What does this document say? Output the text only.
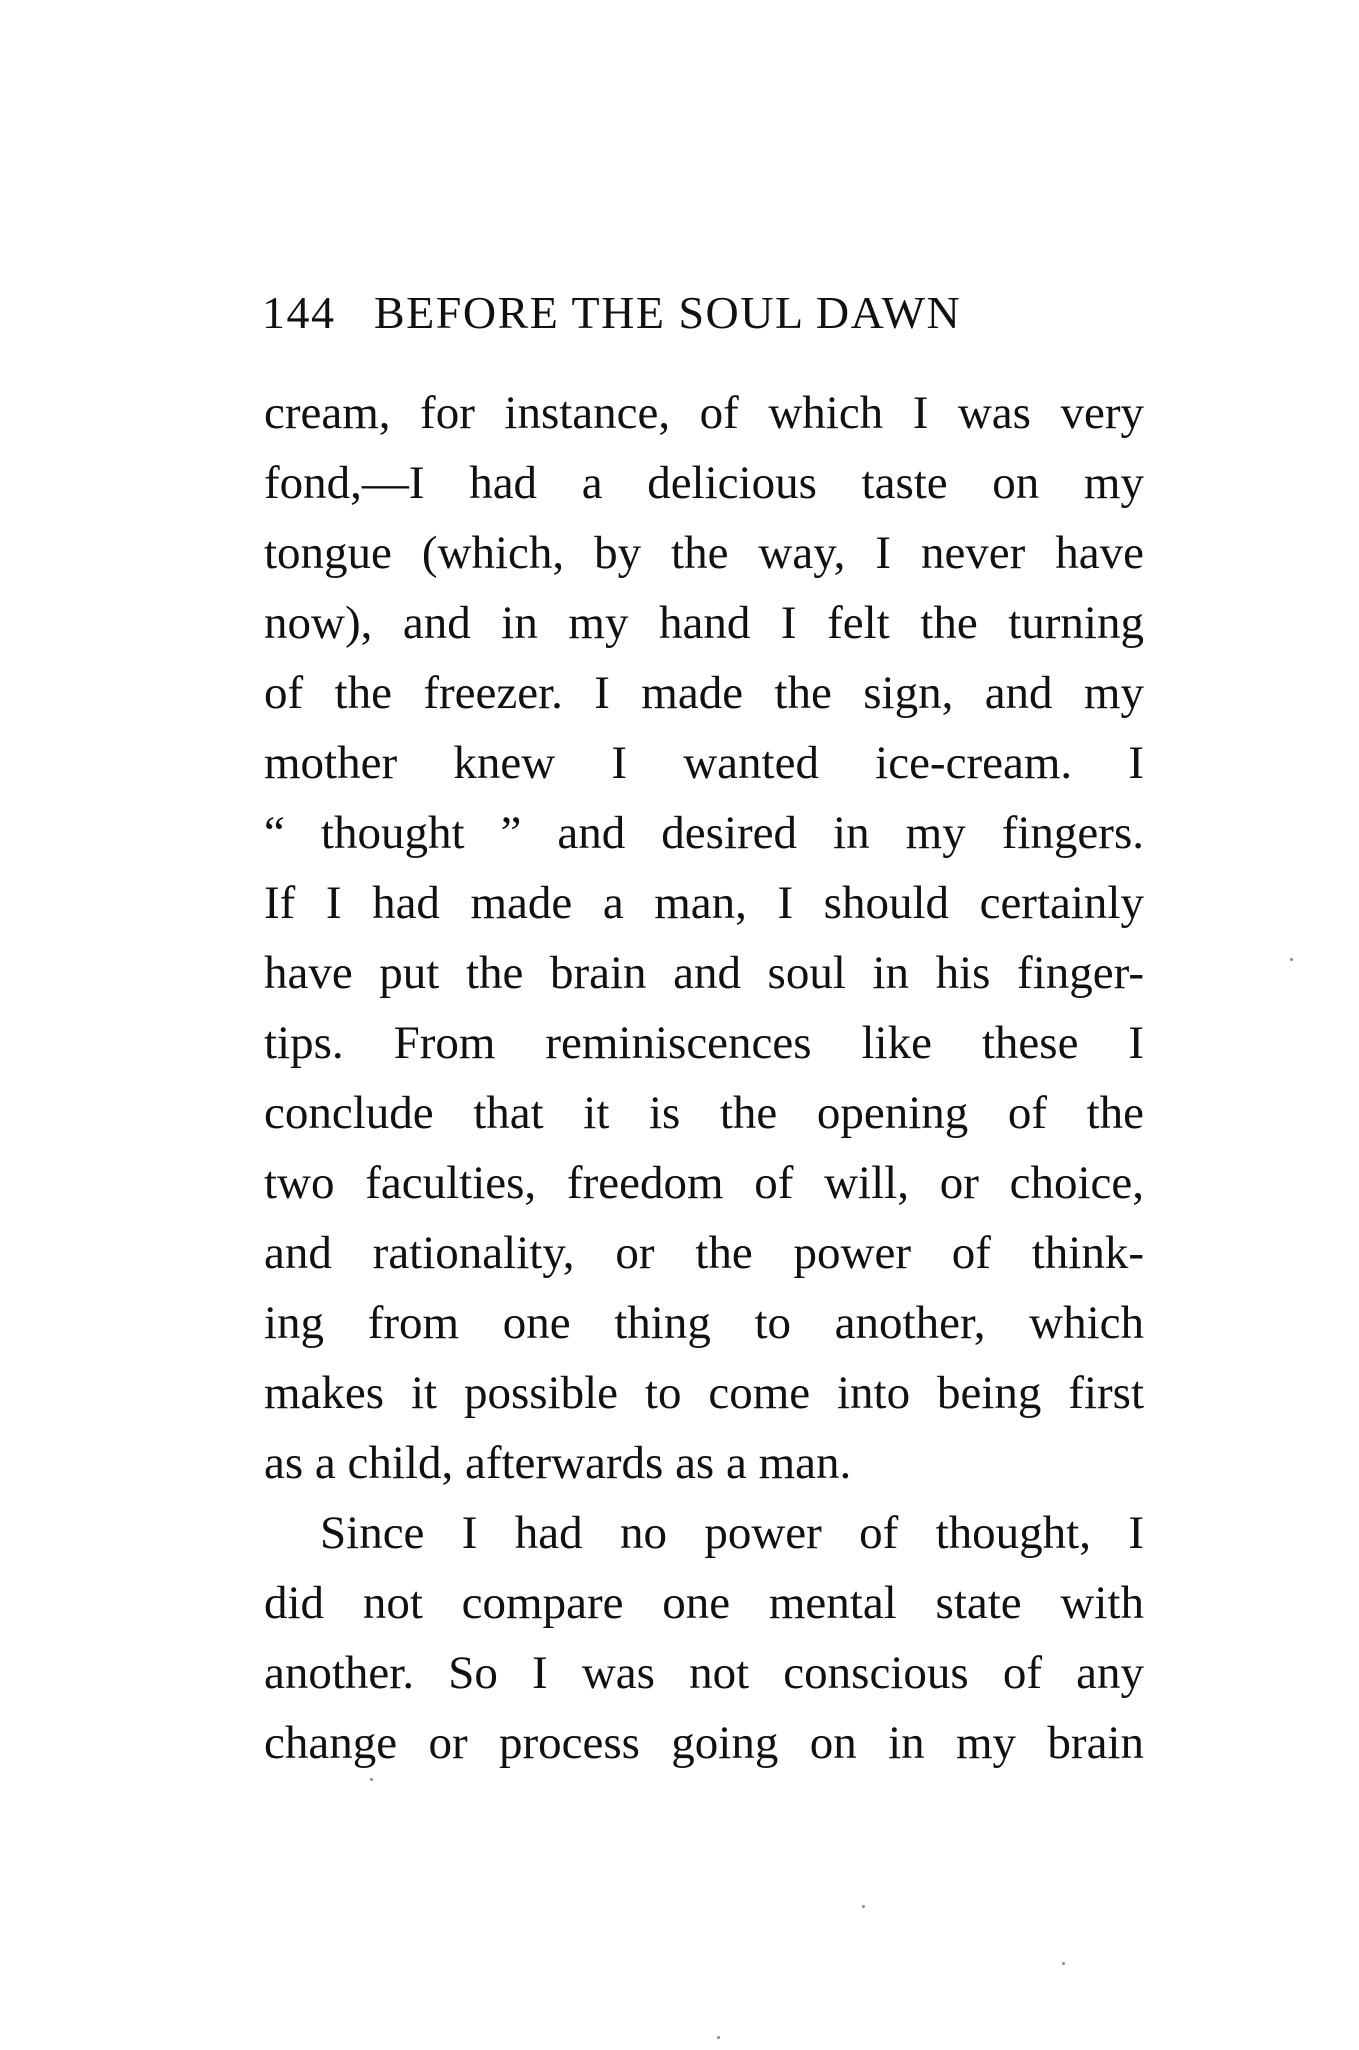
144 BEFORE THE SOUL DAWN
cream, for instance, of which I was very
fond,—I had a delicious taste on my
tongue (which, by the way, I never have
now), and in my hand I felt the turning
of the freezer. I made the sign, and my
mother knew I wanted ice-cream. I
“ thought ” and desired in my fingers.
If I had made a man, I should certainly
have put the brain and soul in his finger-
tips. From reminiscences like these I
conclude that it is the opening of the
two faculties, freedom of will, or choice,
and rationality, or the power of think-
ing from one thing to another, which
makes it possible to come into being first
as a child, afterwards as a man.
Since I had no power of thought, I
did not compare one mental state with
another. So I was not conscious of any
change or process going on in my brain
